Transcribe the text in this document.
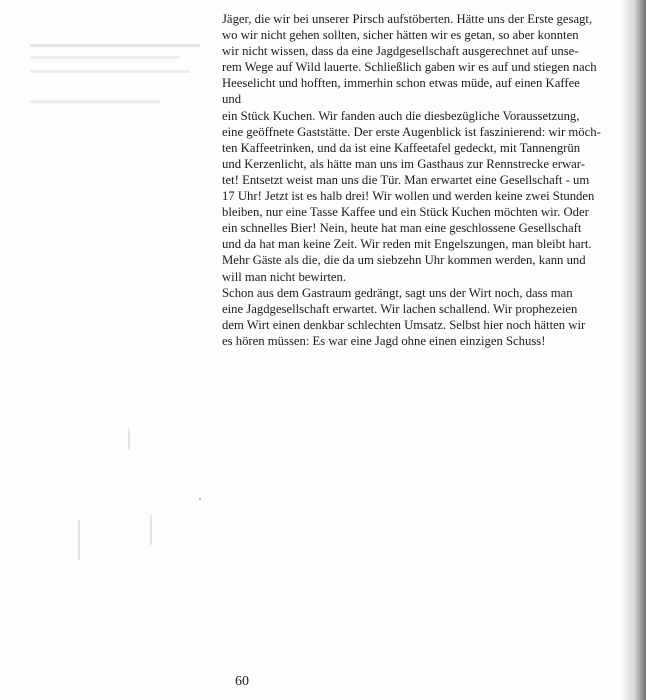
Jäger, die wir bei unserer Pirsch aufstöberten. Hätte uns der Erste gesagt,
wo wir nicht gehen sollten, sicher hätten wir es getan, so aber konnten
wir nicht wissen, dass da eine Jagdgesellschaft ausgerechnet auf unse-
rem Wege auf Wild lauerte. Schließlich gaben wir es auf und stiegen nach
Heeselicht und hofften, immerhin schon etwas müde, auf einen Kaffee
und
ein Stück Kuchen. Wir fanden auch die diesbezügliche Voraussetzung,
eine geöffnete Gaststätte. Der erste Augenblick ist faszinierend: wir möch-
ten Kaffeetrinken, und da ist eine Kaffeetafel gedeckt, mit Tannengrün
und Kerzenlicht, als hätte man uns im Gasthaus zur Rennstrecke erwar-
tet! Entsetzt weist man uns die Tür. Man erwartet eine Gesellschaft - um
17 Uhr! Jetzt ist es halb drei! Wir wollen und werden keine zwei Stunden
bleiben, nur eine Tasse Kaffee und ein Stück Kuchen möchten wir. Oder
ein schnelles Bier! Nein, heute hat man eine geschlossene Gesellschaft
und da hat man keine Zeit. Wir reden mit Engelszungen, man bleibt hart.
Mehr Gäste als die, die da um siebzehn Uhr kommen werden, kann und
will man nicht bewirten.
Schon aus dem Gastraum gedrängt, sagt uns der Wirt noch, dass man
eine Jagdgesellschaft erwartet. Wir lachen schallend. Wir prophezeien
dem Wirt einen denkbar schlechten Umsatz. Selbst hier noch hätten wir
es hören müssen: Es war eine Jagd ohne einen einzigen Schuss!
60
